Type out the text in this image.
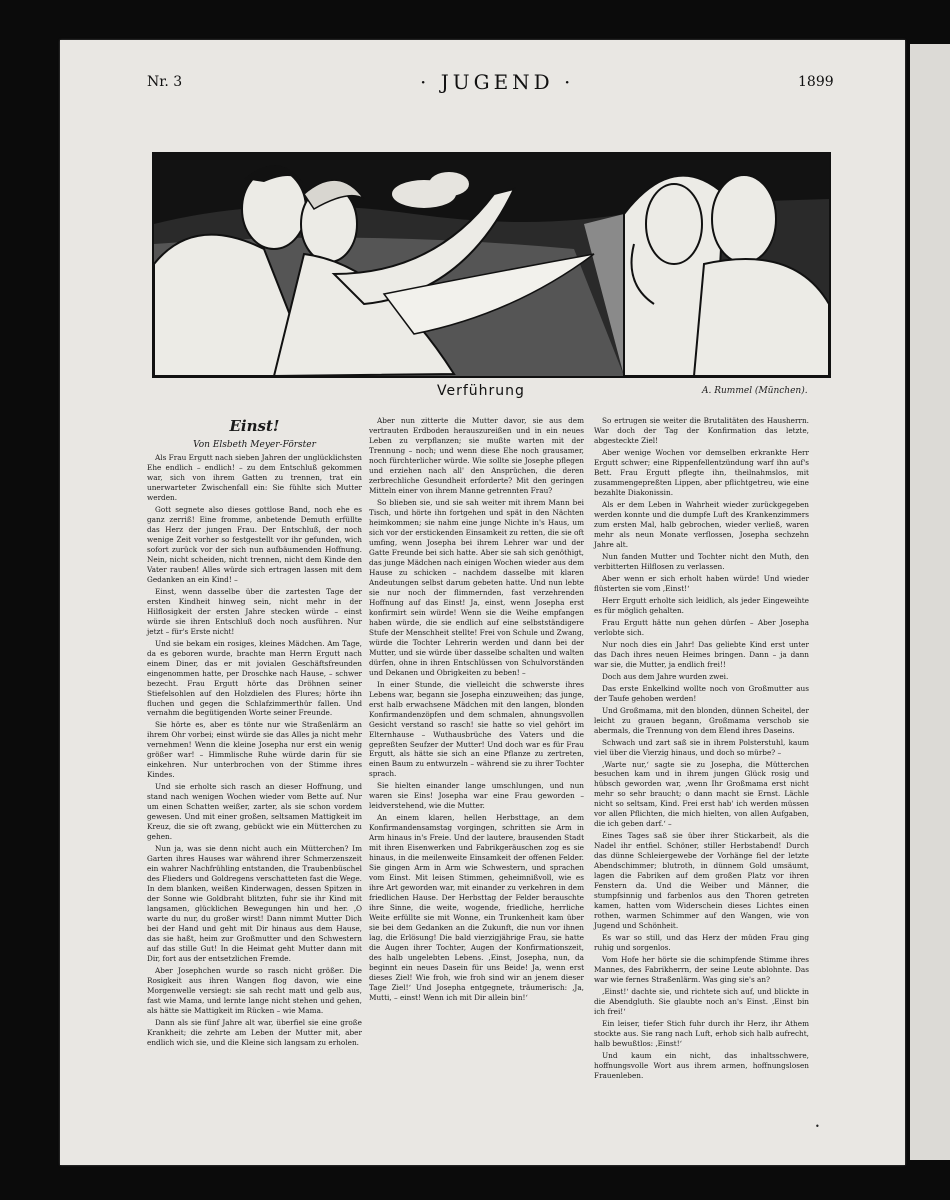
Nr. 3	· JUGEND ·	1899
Verführung	A. Rummel (München).

Einst!

Von Elsbeth Meyer-Förster

Als Frau Ergutt nach sieben Jahren der unglücklichsten Ehe endlich – endlich! – zu dem Entschluß gekommen war, sich von ihrem Gatten zu trennen, trat ein unerwarteter Zwischenfall ein: Sie fühlte sich Mutter werden.

Gott segnete also dieses gottlose Band, noch ehe es ganz zerriß! Eine fromme, anbetende Demuth erfüllte das Herz der jungen Frau. Der Entschluß, der noch wenige Zeit vorher so festgestellt vor ihr gefunden, wich sofort zurück vor der sich nun aufbäumenden Hoffnung. Nein, nicht scheiden, nicht trennen, nicht dem Kinde den Vater rauben! Alles würde sich ertragen lassen mit dem Gedanken an ein Kind! –

Einst, wenn dasselbe über die zartesten Tage der ersten Kindheit hinweg sein, nicht mehr in der Hilflosigkeit der ersten Jahre stecken würde – einst würde sie ihren Entschluß doch noch ausführen. Nur jetzt – für's Erste nicht!

Und sie bekam ein rosiges, kleines Mädchen. Am Tage, da es geboren wurde, brachte man Herrn Ergutt nach einem Diner, das er mit jovialen Geschäftsfreunden eingenommen hatte, per Droschke nach Hause, – schwer bezecht. Frau Ergutt hörte das Dröhnen seiner Stiefelsohlen auf den Holzdielen des Flures; hörte ihn fluchen und gegen die Schlafzimmerthür fallen. Und vernahm die begütigenden Worte seiner Freunde.

Sie hörte es, aber es tönte nur wie Straßenlärm an ihrem Ohr vorbei; einst würde sie das Alles ja nicht mehr vernehmen! Wenn die kleine Josepha nur erst ein wenig größer war! – Himmlische Ruhe würde darin für sie einkehren. Nur unterbrochen von der Stimme ihres Kindes.

Und sie erholte sich rasch an dieser Hoffnung, und stand nach wenigen Wochen wieder vom Bette auf. Nur um einen Schatten weißer, zarter, als sie schon vordem gewesen. Und mit einer großen, seltsamen Mattigkeit im Kreuz, die sie oft zwang, gebückt wie ein Mütterchen zu gehen.

Nun ja, was sie denn nicht auch ein Mütterchen? Im Garten ihres Hauses war während ihrer Schmerzenszeit ein wahrer Nachfrühling entstanden, die Traubenbüschel des Flieders und Goldregens verschatteten fast die Wege. In dem blanken, weißen Kinderwagen, dessen Spitzen in der Sonne wie Goldbraht blitzten, fuhr sie ihr Kind mit langsamen, glücklichen Bewegungen hin und her. ‚O warte du nur, du großer wirst! Dann nimmt Mutter Dich bei der Hand und geht mit Dir hinaus aus dem Hause, das sie haßt, heim zur Großmutter und den Schwestern auf das stille Gut! In die Heimat geht Mutter dann mit Dir, fort aus der entsetzlichen Fremde.

Aber Josephchen wurde so rasch nicht größer. Die Rosigkeit aus ihren Wangen flog davon, wie eine Morgenwelle versiegt: sie sah recht matt und gelb aus, fast wie Mama, und lernte lange nicht stehen und gehen, als hätte sie Mattigkeit im Rücken – wie Mama.

Dann als sie fünf Jahre alt war, überfiel sie eine große Krankheit; die zehrte am Leben der Mutter mit, aber endlich wich sie, und die Kleine sich langsam zu erholen.

Aber nun zitterte die Mutter davor, sie aus dem vertrauten Erdboden herauszureißen und in ein neues Leben zu verpflanzen; sie mußte warten mit der Trennung – noch; und wenn diese Ehe noch grausamer, noch fürchterlicher würde. Wie sollte sie Josephe pflegen und erziehen nach all' den Ansprüchen, die deren zerbrechliche Gesundheit erforderte? Mit den geringen Mitteln einer von ihrem Manne getrennten Frau?

So blieben sie, und sie sah weiter mit ihrem Mann bei Tisch, und hörte ihn fortgehen und spät in den Nächten heimkommen; sie nahm eine junge Nichte in's Haus, um sich vor der erstickenden Einsamkeit zu retten, die sie oft umfing, wenn Josepha bei ihrem Lehrer war und der Gatte Freunde bei sich hatte. Aber sie sah sich genöthigt, das junge Mädchen nach einigen Wochen wieder aus dem Hause zu schicken – nachdem dasselbe mit klaren Andeutungen selbst darum gebeten hatte. Und nun lebte sie nur noch der flimmernden, fast verzehrenden Hoffnung auf das Einst! Ja, einst, wenn Josepha erst konfirmirt sein würde! Wenn sie die Weihe empfangen haben würde, die sie endlich auf eine selbstständigere Stufe der Menschheit stellte! Frei von Schule und Zwang, würde die Tochter Lehrerin werden und dann bei der Mutter, und sie würde über dasselbe schalten und walten dürfen, ohne in ihren Entschlüssen von Schulvorständen und Dekanen und Obrigkeiten zu beben! –

In einer Stunde, die vielleicht die schwerste ihres Lebens war, begann sie Josepha einzuweihen; das junge, erst halb erwachsene Mädchen mit den langen, blonden Konfirmandenzöpfen und dem schmalen, ahnungsvollen Gesicht verstand so rasch! sie hatte so viel gehört im Elternhause – Wuthausbrüche des Vaters und die gepreßten Seufzer der Mutter! Und doch war es für Frau Ergutt, als hätte sie sich an eine Pflanze zu zertreten, einen Baum zu entwurzeln – während sie zu ihrer Tochter sprach.

Sie hielten einander lange umschlungen, und nun waren sie Eins! Josepha war eine Frau geworden – leidverstehend, wie die Mutter.

An einem klaren, hellen Herbsttage, an dem Konfirmandensamstag vorgingen, schritten sie Arm in Arm hinaus in's Freie. Und der lautere, brausenden Stadt mit ihren Eisenwerken und Fabrikgeräuschen zog es sie hinaus, in die meilenweite Einsamkeit der offenen Felder. Sie gingen Arm in Arm wie Schwestern, und sprachen vom Einst. Mit leisen Stimmen, geheimnißvoll, wie es ihre Art geworden war, mit einander zu verkehren in dem friedlichen Hause. Der Herbsttag der Felder berauschte ihre Sinne, die weite, wogende, friedliche, herrliche Weite erfüllte sie mit Wonne, ein Trunkenheit kam über sie bei dem Gedanken an die Zukunft, die nun vor ihnen lag, die Erlösung! Die bald vierzigjährige Frau, sie hatte die Augen ihrer Tochter, Augen der Konfirmationszeit, des halb ungelebten Lebens. ‚Einst, Josepha, nun, da beginnt ein neues Dasein für uns Beide! Ja, wenn erst dieses Ziel! Wie froh, wie froh sind wir an jenem dieser Tage Ziel!‘ Und Josepha entgegnete, träumerisch: ‚Ja, Mutti, – einst! Wenn ich mit Dir allein bin!‘

So ertrugen sie weiter die Brutalitäten des Hausherrn. War doch der Tag der Konfirmation das letzte, abgesteckte Ziel!

Aber wenige Wochen vor demselben erkrankte Herr Ergutt schwer; eine Rippenfellentzündung warf ihn auf's Bett. Frau Ergutt pflegte ihn, theilnahmslos, mit zusammengepreßten Lippen, aber pflichtgetreu, wie eine bezahlte Diakonissin.

Als er dem Leben in Wahrheit wieder zurückgegeben werden konnte und die dumpfe Luft des Krankenzimmers zum ersten Mal, halb gebrochen, wieder verließ, waren mehr als neun Monate verflossen, Josepha sechzehn Jahre alt.

Nun fanden Mutter und Tochter nicht den Muth, den verbitterten Hilflosen zu verlassen.

Aber wenn er sich erholt haben würde! Und wieder flüsterten sie vom ‚Einst!‘

Herr Ergutt erholte sich leidlich, als jeder Eingeweihte es für möglich gehalten.

Frau Ergutt hätte nun gehen dürfen – Aber Josepha verlobte sich.

Nur noch dies ein Jahr! Das geliebte Kind erst unter das Dach ihres neuen Heimes bringen. Dann – ja dann war sie, die Mutter, ja endlich frei!!

Doch aus dem Jahre wurden zwei.

Das erste Enkelkind wollte noch von Großmutter aus der Taufe gehoben werden!

Und Großmama, mit den blonden, dünnen Scheitel, der leicht zu grauen begann, Großmama verschob sie abermals, die Trennung von dem Elend ihres Daseins.

Schwach und zart saß sie in ihrem Polsterstuhl, kaum viel über die Vierzig hinaus, und doch so mürbe? –

‚Warte nur,‘ sagte sie zu Josepha, die Mütterchen besuchen kam und in ihrem jungen Glück rosig und hübsch geworden war, ‚wenn Ihr Großmama erst nicht mehr so sehr braucht; o dann macht sie Ernst. Lächle nicht so seltsam, Kind. Frei erst hab' ich werden müssen vor allen Pflichten, die mich hielten, von allen Aufgaben, die ich geben darf.‘ –

Eines Tages saß sie über ihrer Stickarbeit, als die Nadel ihr entfiel. Schöner, stiller Herbstabend! Durch das dünne Schleiergewebe der Vorhänge fiel der letzte Abendschimmer; blutroth, in dünnem Gold umsäumt, lagen die Fabriken auf dem großen Platz vor ihren Fenstern da. Und die Weiber und Männer, die stumpfsinnig und farbenlos aus den Thoren getreten kamen, hatten vom Widerschein dieses Lichtes einen rothen, warmen Schimmer auf den Wangen, wie von Jugend und Schönheit.

Es war so still, und das Herz der müden Frau ging ruhig und sorgenlos.

Vom Hofe her hörte sie die schimpfende Stimme ihres Mannes, des Fabrikherrn, der seine Leute ablohnte. Das war wie fernes Straßenlärm. Was ging sie's an?

‚Einst!‘ dachte sie, und richtete sich auf, und blickte in die Abendgluth. Sie glaubte noch an's Einst. ‚Einst bin ich frei!‘

Ein leiser, tiefer Stich fuhr durch ihr Herz, ihr Athem stockte aus. Sie rang nach Luft, erhob sich halb aufrecht, halb bewußtlos: ‚Einst!‘

Und kaum ein nicht, das inhaltsschwere, hoffnungsvolle Wort aus ihrem armen, hoffnungslosen Frauenleben.

•
